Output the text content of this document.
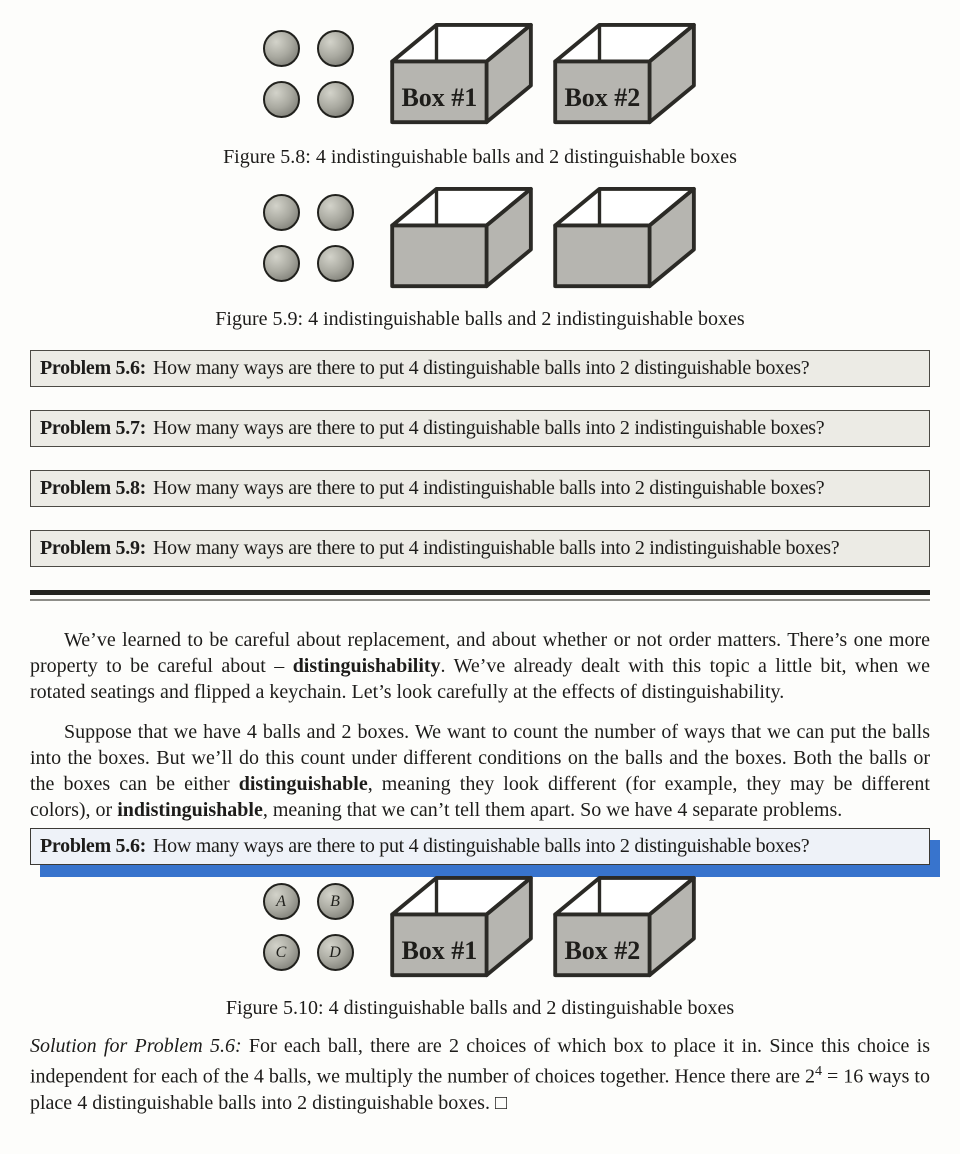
Box #1	Box #2
Figure 5.8: 4 indistinguishable balls and 2 distinguishable boxes
Figure 5.9: 4 indistinguishable balls and 2 indistinguishable boxes
Problem 5.6: How many ways are there to put 4 distinguishable balls into 2 distinguishable boxes?
Problem 5.7: How many ways are there to put 4 distinguishable balls into 2 indistinguishable boxes?
Problem 5.8: How many ways are there to put 4 indistinguishable balls into 2 distinguishable boxes?
Problem 5.9: How many ways are there to put 4 indistinguishable balls into 2 indistinguishable boxes?

We’ve learned to be careful about replacement, and about whether or not order matters. There’s one more property to be careful about – distinguishability. We’ve already dealt with this topic a little bit, when we rotated seatings and flipped a keychain. Let’s look carefully at the effects of distinguishability.

Suppose that we have 4 balls and 2 boxes. We want to count the number of ways that we can put the balls into the boxes. But we’ll do this count under different conditions on the balls and the boxes. Both the balls or the boxes can be either distinguishable, meaning they look different (for example, they may be different colors), or indistinguishable, meaning that we can’t tell them apart. So we have 4 separate problems.

Problem 5.6: How many ways are there to put 4 distinguishable balls into 2 distinguishable boxes?
A	B
C	D	Box #1	Box #2
Figure 5.10: 4 distinguishable balls and 2 distinguishable boxes

Solution for Problem 5.6: For each ball, there are 2 choices of which box to place it in. Since this choice is independent for each of the 4 balls, we multiply the number of choices together. Hence there are $2^4 = 16$ ways to place 4 distinguishable balls into 2 distinguishable boxes. □
